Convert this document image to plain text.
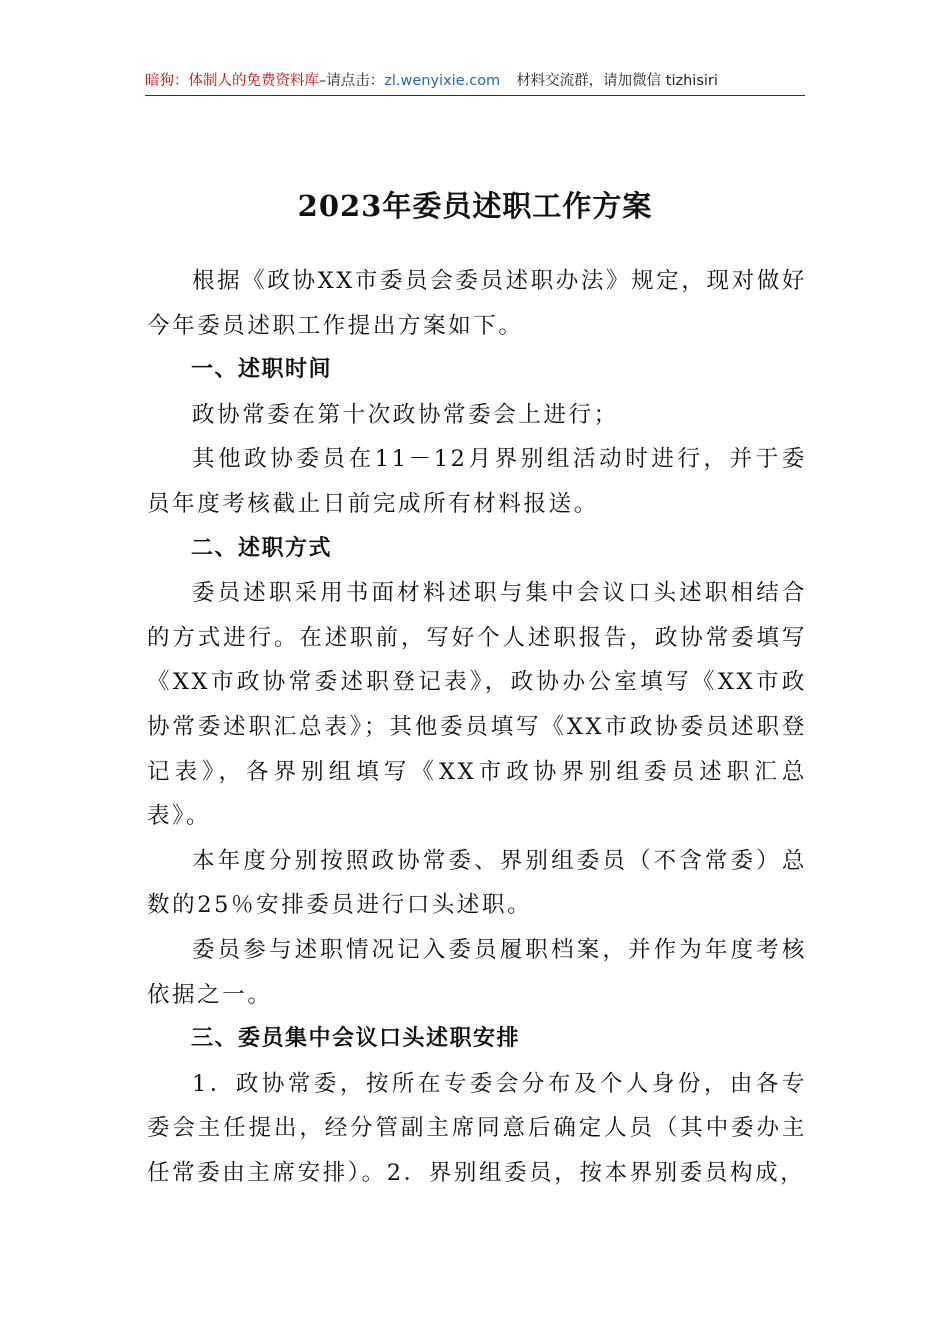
暗狗：体制人的免费资料库–请点击：zl.wenyixie.com 材料交流群，请加微信 tizhisiri
2023年委员述职工作方案

根据《政协XX市委员会委员述职办法》规定，现对做好今年委员述职工作提出方案如下。

一、述职时间

政协常委在第十次政协常委会上进行；

其他政协委员在11－12月界别组活动时进行，并于委员年度考核截止日前完成所有材料报送。

二、述职方式

委员述职采用书面材料述职与集中会议口头述职相结合的方式进行。在述职前，写好个人述职报告，政协常委填写《XX市政协常委述职登记表》，政协办公室填写《XX市政协常委述职汇总表》；其他委员填写《XX市政协委员述职登记表》，各界别组填写《XX市政协界别组委员述职汇总表》。

本年度分别按照政协常委、界别组委员（不含常委）总数的25％安排委员进行口头述职。

委员参与述职情况记入委员履职档案，并作为年度考核依据之一。

三、委员集中会议口头述职安排

1．政协常委，按所在专委会分布及个人身份，由各专委会主任提出，经分管副主席同意后确定人员（其中委办主任常委由主席安排）。2．界别组委员，按本界别委员构成，
